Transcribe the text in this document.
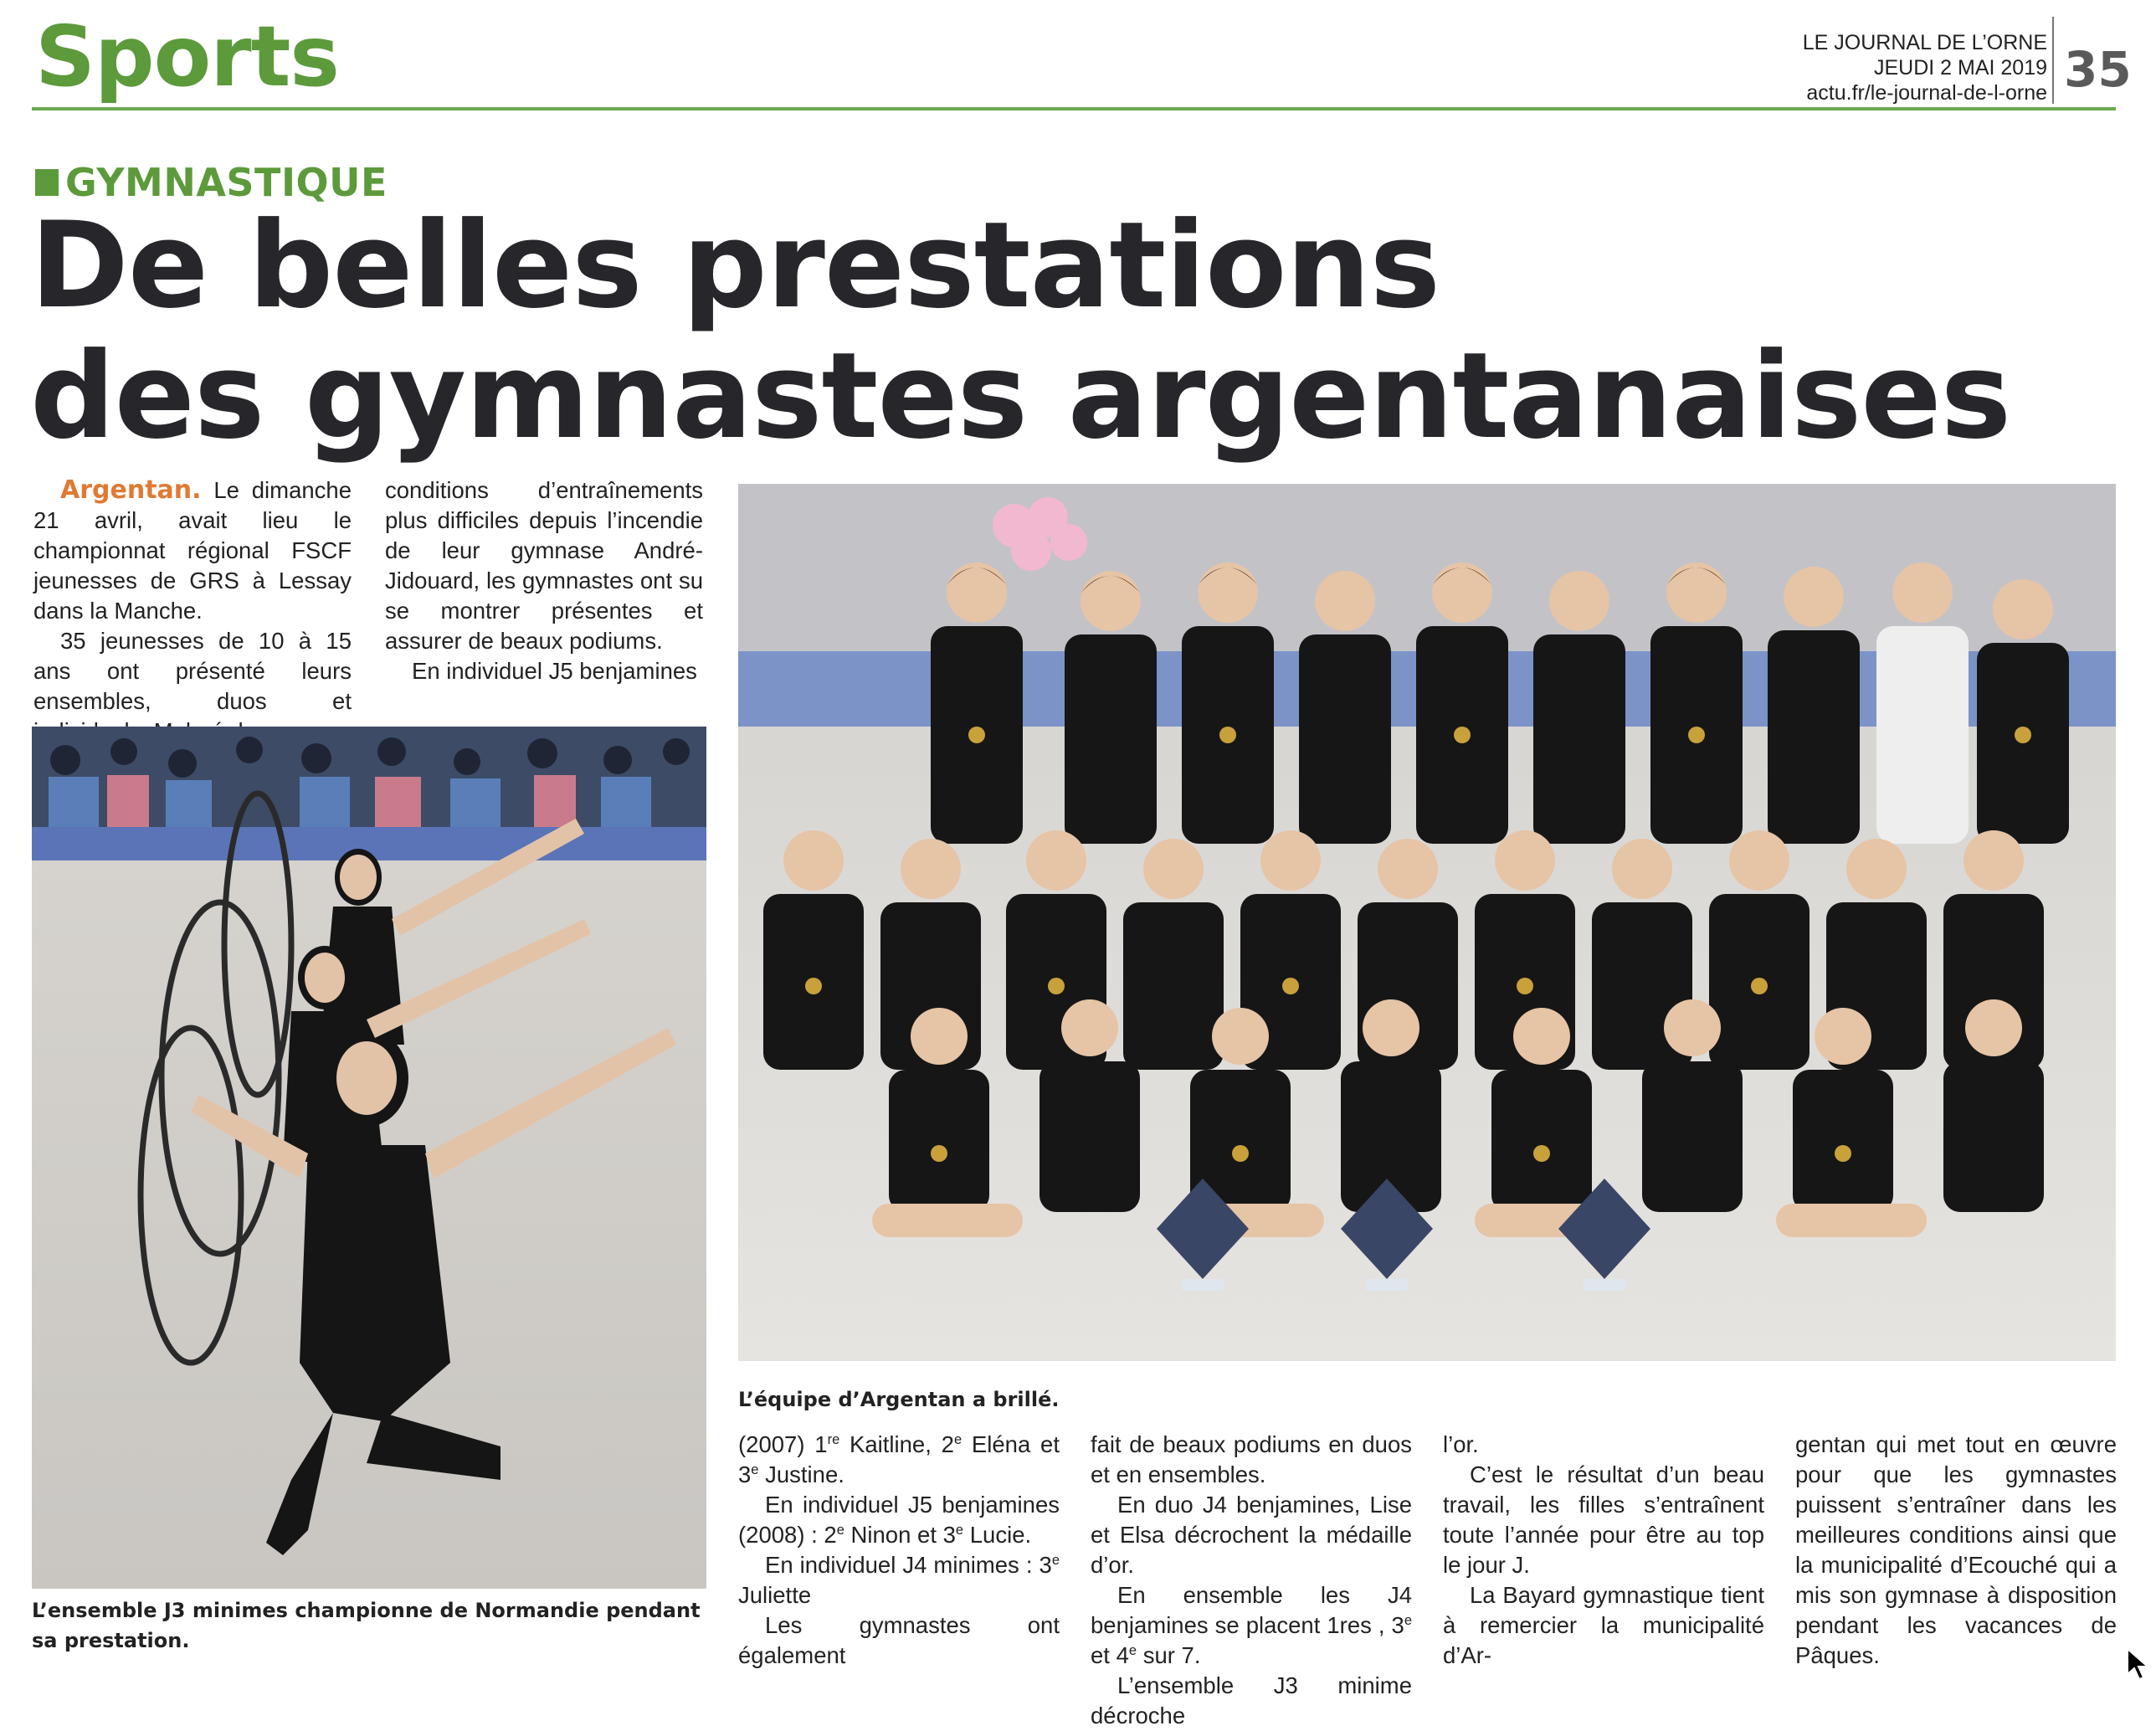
Sports	LE JOURNAL DE L’ORNE
JEUDI 2 MAI 2019
actu.fr/le-journal-de-l-orne 35
GYMNASTIQUE
De belles prestations
des gymnastes argentanaises

Argentan. Le dimanche 21 avril, avait lieu le championnat régional FSCF jeunesses de GRS à Lessay dans la Manche.

35 jeunesses de 10 à 15 ans ont présenté leurs ensembles, duos et

conditions d’entraînements plus difficiles depuis l’incendie de leur gymnase André-Jidouard, les gymnastes ont su se montrer présentes et assurer de beaux podiums.

En individuel J5 benjamines

L’ensemble J3 minimes championne de Normandie pendant sa prestation.
L’équipe d’Argentan a brillé.

(2007) 1re Kaitline, 2e Eléna et 3e Justine.

En individuel J5 benjamines (2008) : 2e Ninon et 3e Lucie.

En individuel J4 minimes : 3e Juliette

Les gymnastes ont également

fait de beaux podiums en duos et en ensembles.

En duo J4 benjamines, Lise et Elsa décrochent la médaille d’or.

En ensemble les J4 benjamines se placent 1res , 3e et 4e sur 7.

L’ensemble J3 minime décroche

l’or.

C’est le résultat d’un beau travail, les filles s’entraînent toute l’année pour être au top le jour J.

La Bayard gymnastique tient à remercier la municipalité d’Ar-

gentan qui met tout en œuvre pour que les gymnastes puissent s’entraîner dans les meilleures conditions ainsi que la municipalité d’Ecouché qui a mis son gymnase à disposition pendant les vacances de Pâques.
